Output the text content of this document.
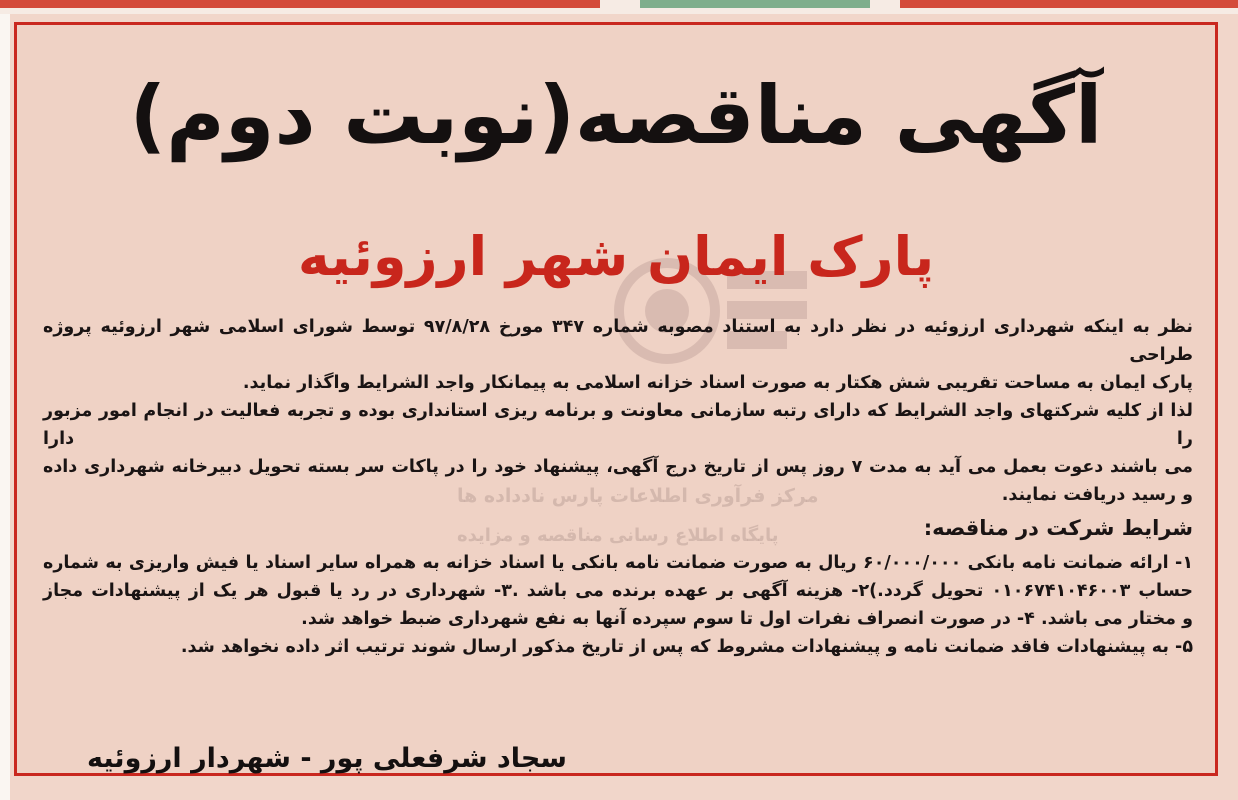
آگهی مناقصه(نوبت دوم)
پارک ایمان شهر ارزوئیه
مرکز فرآوری اطلاعات پارس نادداده ها
پایگاه اطلاع رسانی مناقصه و مزایده

نظر به اینکه شهرداری ارزوئیه در نظر دارد به استناد مصوبه شماره ۳۴۷ مورخ ۹۷/۸/۲۸ توسط شورای اسلامی شهر ارزوئیه پروژه طراحی
پارک ایمان به مساحت تقریبی شش هکتار به صورت اسناد خزانه اسلامی به پیمانکار واجد الشرایط واگذار نماید.

لذا از کلیه شرکتهای واجد الشرایط که دارای رتبه سازمانی معاونت و برنامه ریزی استانداری بوده و تجربه فعالیت در انجام امور مزبور را دارا
می باشند دعوت بعمل می آید به مدت ۷ روز پس از تاریخ درج آگهی، پیشنهاد خود را در پاکات سر بسته تحویل دبیرخانه شهرداری داده
و رسید دریافت نمایند.

شرایط شرکت در مناقصه:

۱- ارائه ضمانت نامه بانکی ۶۰/۰۰۰/۰۰۰ ریال به صورت ضمانت نامه بانکی یا اسناد خزانه به همراه سایر اسناد یا فیش واریزی به شماره
حساب ۰۱۰۶۷۴۱۰۴۶۰۰۳ تحویل گردد.)۲- هزینه آگهی بر عهده برنده می باشد .۳- شهرداری در رد یا قبول هر یک از پیشنهادات مجاز
و مختار می باشد. ۴- در صورت انصراف نفرات اول تا سوم سپرده آنها به نفع شهرداری ضبط خواهد شد.
۵- به پیشنهادات فاقد ضمانت نامه و پیشنهادات مشروط که پس از تاریخ مذکور ارسال شوند ترتیب اثر داده نخواهد شد.

سجاد شرفعلی پور - شهردار ارزوئیه
